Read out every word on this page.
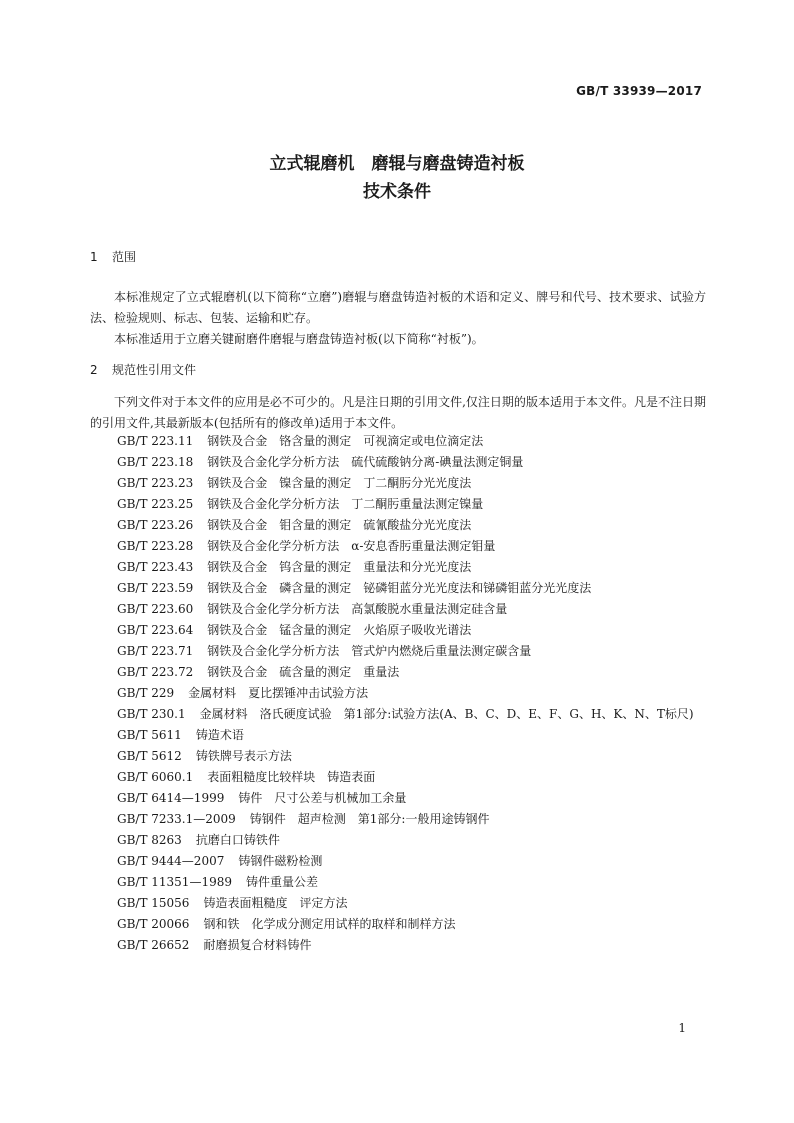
GB/T 33939—2017
立式辊磨机　磨辊与磨盘铸造衬板
技术条件
1 范围

本标准规定了立式辊磨机(以下简称“立磨”)磨辊与磨盘铸造衬板的术语和定义、牌号和代号、技术要求、试验方法、检验规则、标志、包装、运输和贮存。

本标准适用于立磨关键耐磨件磨辊与磨盘铸造衬板(以下简称“衬板”)。

2 规范性引用文件

下列文件对于本文件的应用是必不可少的。凡是注日期的引用文件,仅注日期的版本适用于本文件。凡是不注日期的引用文件,其最新版本(包括所有的修改单)适用于本文件。

GB/T 223.11 钢铁及合金　铬含量的测定　可视滴定或电位滴定法
GB/T 223.18 钢铁及合金化学分析方法　硫代硫酸钠分离-碘量法测定铜量
GB/T 223.23 钢铁及合金　镍含量的测定　丁二酮肟分光光度法
GB/T 223.25 钢铁及合金化学分析方法　丁二酮肟重量法测定镍量
GB/T 223.26 钢铁及合金　钼含量的测定　硫氰酸盐分光光度法
GB/T 223.28 钢铁及合金化学分析方法　α-安息香肟重量法测定钼量
GB/T 223.43 钢铁及合金　钨含量的测定　重量法和分光光度法
GB/T 223.59 钢铁及合金　磷含量的测定　铋磷钼蓝分光光度法和锑磷钼蓝分光光度法
GB/T 223.60 钢铁及合金化学分析方法　高氯酸脱水重量法测定硅含量
GB/T 223.64 钢铁及合金　锰含量的测定　火焰原子吸收光谱法
GB/T 223.71 钢铁及合金化学分析方法　管式炉内燃烧后重量法测定碳含量
GB/T 223.72 钢铁及合金　硫含量的测定　重量法
GB/T 229 金属材料　夏比摆锤冲击试验方法
GB/T 230.1 金属材料　洛氏硬度试验　第1部分:试验方法(A、B、C、D、E、F、G、H、K、N、T标尺)
GB/T 5611 铸造术语
GB/T 5612 铸铁牌号表示方法
GB/T 6060.1 表面粗糙度比较样块　铸造表面
GB/T 6414—1999 铸件　尺寸公差与机械加工余量
GB/T 7233.1—2009 铸钢件　超声检测　第1部分:一般用途铸钢件
GB/T 8263 抗磨白口铸铁件
GB/T 9444—2007 铸钢件磁粉检测
GB/T 11351—1989 铸件重量公差
GB/T 15056 铸造表面粗糙度　评定方法
GB/T 20066 钢和铁　化学成分测定用试样的取样和制样方法
GB/T 26652 耐磨损复合材料铸件
1
